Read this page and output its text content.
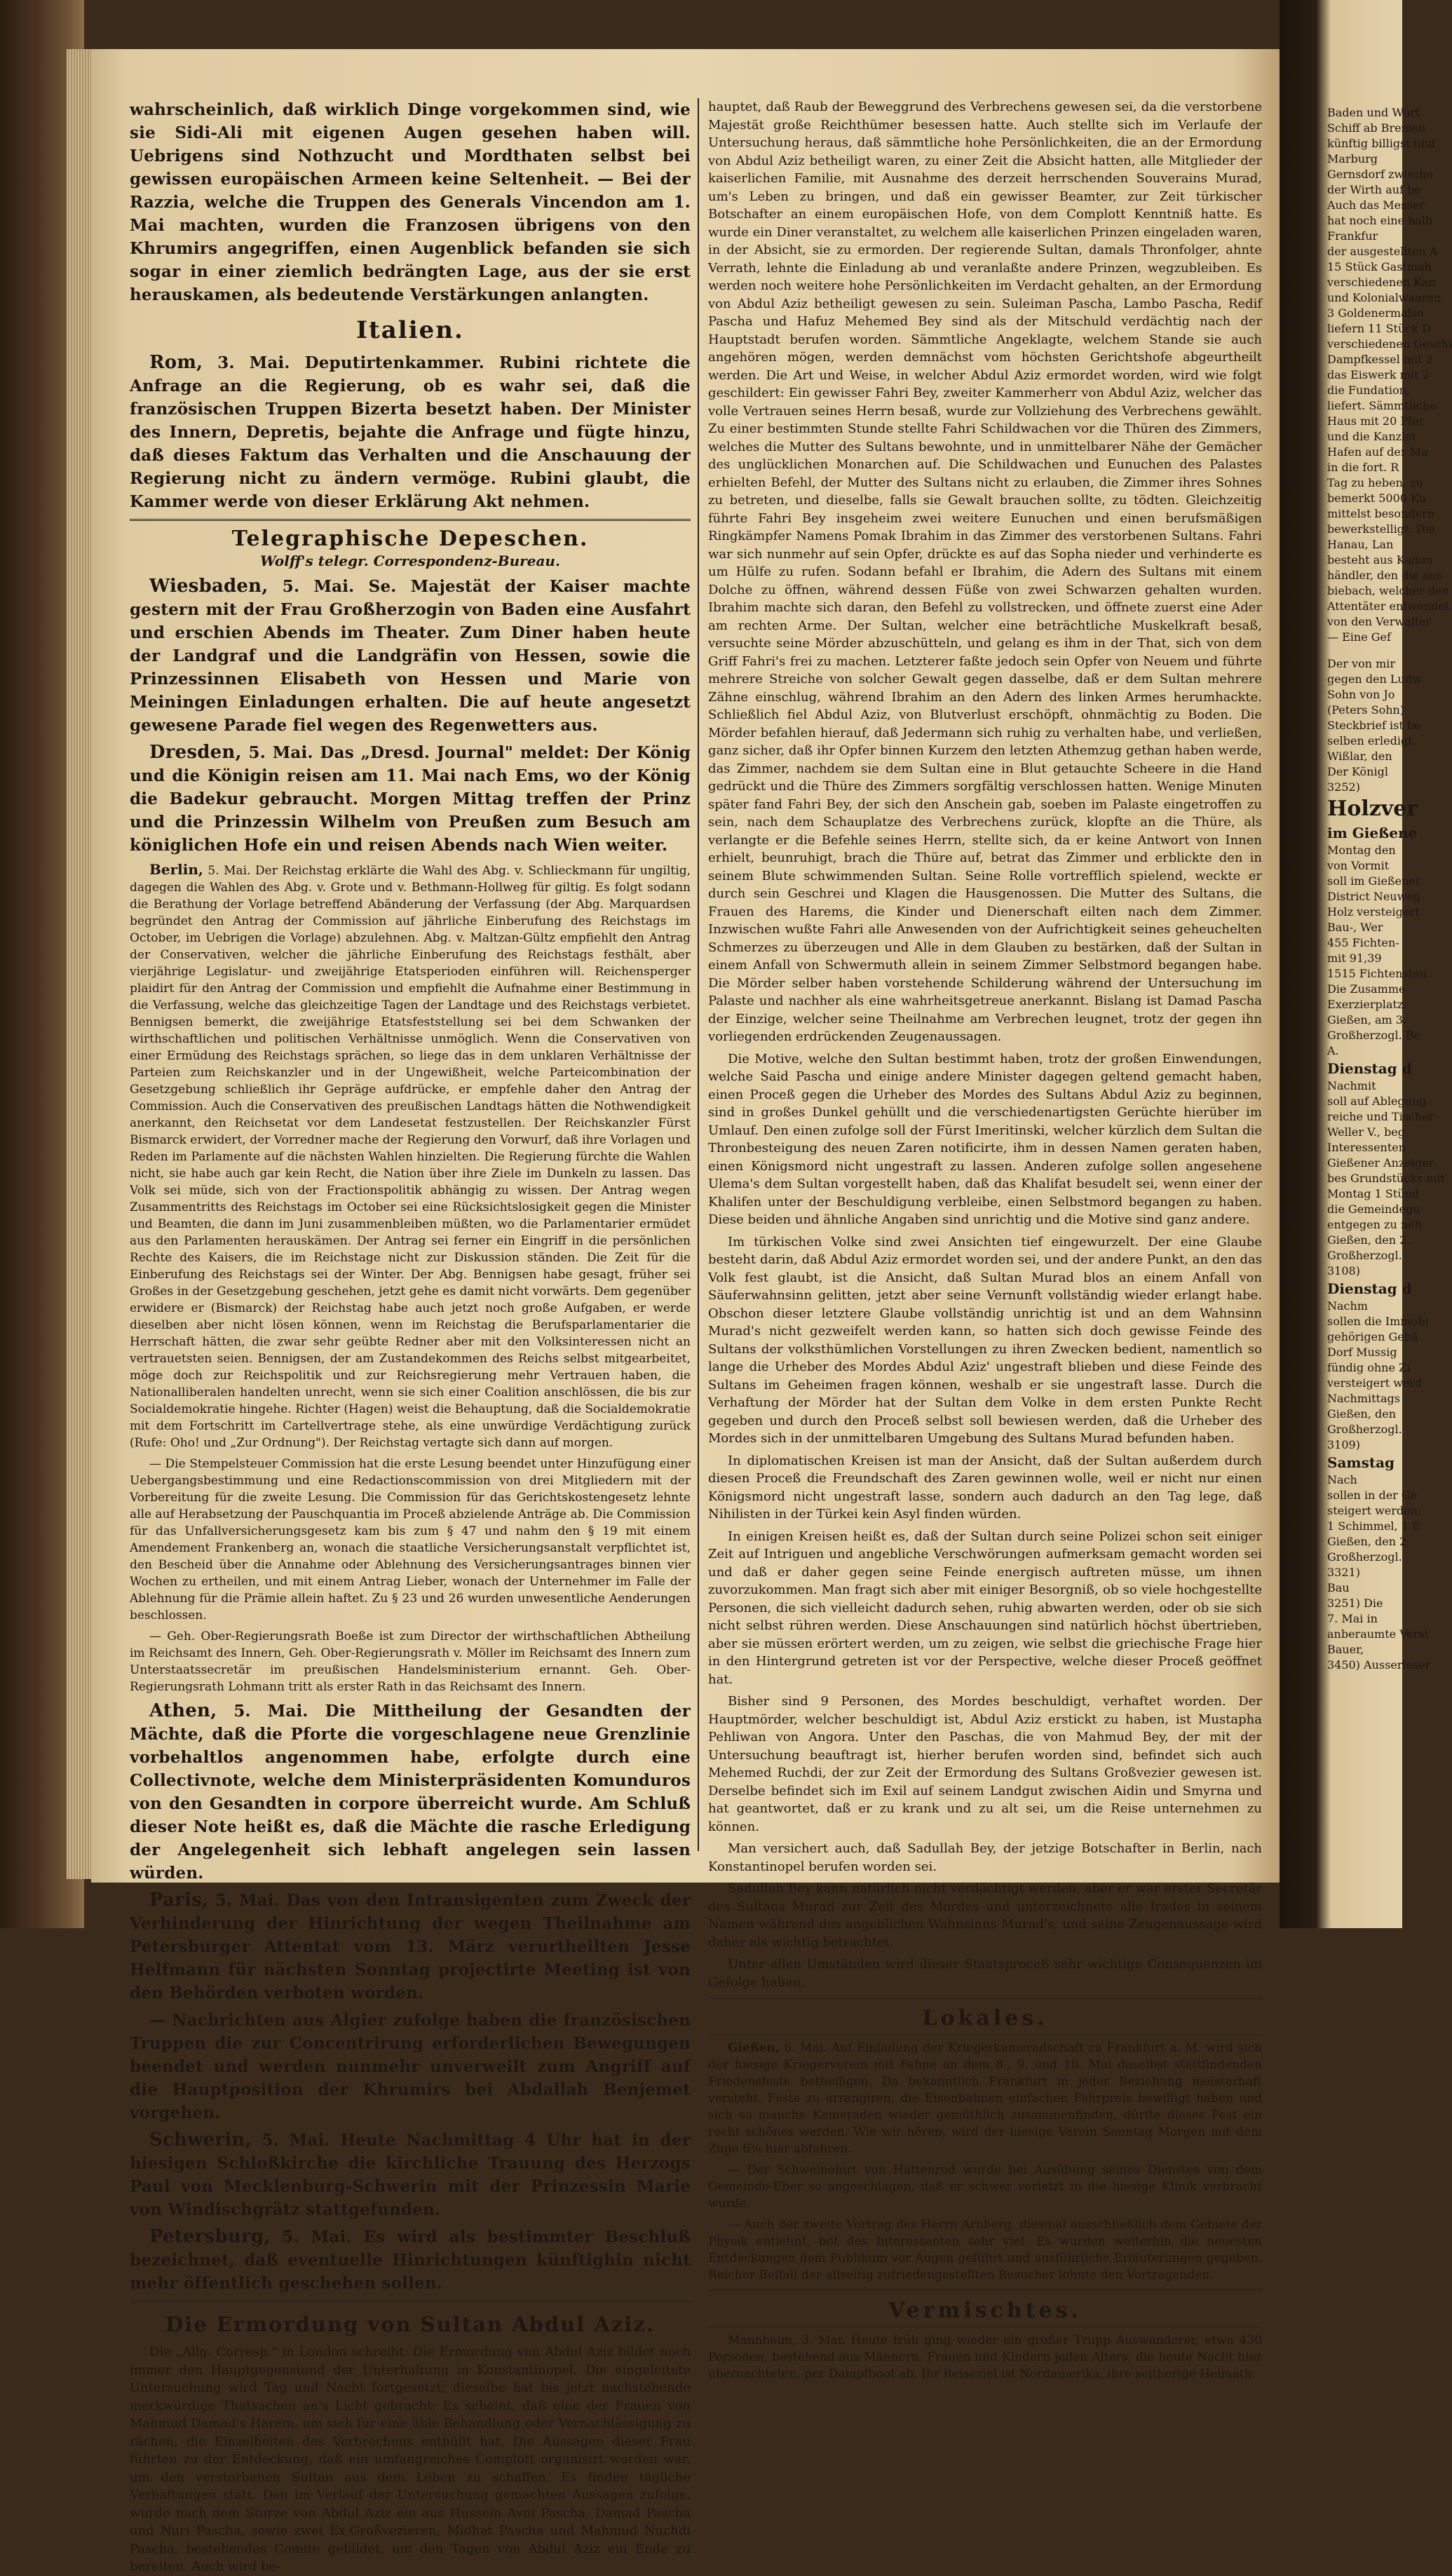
wahrscheinlich, daß wirklich Dinge vorgekommen sind, wie sie Sidi-Ali mit eigenen Augen gesehen haben will. Uebrigens sind Nothzucht und Mordthaten selbst bei gewissen europäischen Armeen keine Seltenheit. — Bei der Razzia, welche die Truppen des Generals Vincendon am 1. Mai machten, wurden die Franzosen übrigens von den Khrumirs angegriffen, einen Augenblick befanden sie sich sogar in einer ziemlich bedrängten Lage, aus der sie erst herauskamen, als bedeutende Verstärkungen anlangten.

Italien.

Rom, 3. Mai. Deputirtenkammer. Rubini richtete die Anfrage an die Regierung, ob es wahr sei, daß die französischen Truppen Bizerta besetzt haben. Der Minister des Innern, Depretis, bejahte die Anfrage und fügte hinzu, daß dieses Faktum das Verhalten und die Anschauung der Regierung nicht zu ändern vermöge. Rubini glaubt, die Kammer werde von dieser Erklärung Akt nehmen.

Telegraphische Depeschen.
Wolff's telegr. Correspondenz-Bureau.

Wiesbaden, 5. Mai. Se. Majestät der Kaiser machte gestern mit der Frau Großherzogin von Baden eine Ausfahrt und erschien Abends im Theater. Zum Diner haben heute der Landgraf und die Landgräfin von Hessen, sowie die Prinzessinnen Elisabeth von Hessen und Marie von Meiningen Einladungen erhalten. Die auf heute angesetzt gewesene Parade fiel wegen des Regenwetters aus.

Dresden, 5. Mai. Das „Dresd. Journal" meldet: Der König und die Königin reisen am 11. Mai nach Ems, wo der König die Badekur gebraucht. Morgen Mittag treffen der Prinz und die Prinzessin Wilhelm von Preußen zum Besuch am königlichen Hofe ein und reisen Abends nach Wien weiter.

Berlin, 5. Mai. Der Reichstag erklärte die Wahl des Abg. v. Schlieckmann für ungiltig, dagegen die Wahlen des Abg. v. Grote und v. Bethmann-Hollweg für giltig. Es folgt sodann die Berathung der Vorlage betreffend Abänderung der Verfassung (der Abg. Marquardsen begründet den Antrag der Commission auf jährliche Einberufung des Reichstags im October, im Uebrigen die Vorlage) abzulehnen. Abg. v. Maltzan-Gültz empfiehlt den Antrag der Conservativen, welcher die jährliche Einberufung des Reichstags festhält, aber vierjährige Legislatur- und zweijährige Etatsperioden einführen will. Reichensperger plaidirt für den Antrag der Commission und empfiehlt die Aufnahme einer Bestimmung in die Verfassung, welche das gleichzeitige Tagen der Landtage und des Reichstags verbietet. Bennigsen bemerkt, die zweijährige Etatsfeststellung sei bei dem Schwanken der wirthschaftlichen und politischen Verhältnisse unmöglich. Wenn die Conservativen von einer Ermüdung des Reichstags sprächen, so liege das in dem unklaren Verhältnisse der Parteien zum Reichskanzler und in der Ungewißheit, welche Parteicombination der Gesetzgebung schließlich ihr Gepräge aufdrücke, er empfehle daher den Antrag der Commission. Auch die Conservativen des preußischen Landtags hätten die Nothwendigkeit anerkannt, den Reichsetat vor dem Landesetat festzustellen. Der Reichskanzler Fürst Bismarck erwidert, der Vorredner mache der Regierung den Vorwurf, daß ihre Vorlagen und Reden im Parlamente auf die nächsten Wahlen hinzielten. Die Regierung fürchte die Wahlen nicht, sie habe auch gar kein Recht, die Nation über ihre Ziele im Dunkeln zu lassen. Das Volk sei müde, sich von der Fractionspolitik abhängig zu wissen. Der Antrag wegen Zusammentritts des Reichstags im October sei eine Rücksichtslosigkeit gegen die Minister und Beamten, die dann im Juni zusammenbleiben müßten, wo die Parlamentarier ermüdet aus den Parlamenten herauskämen. Der Antrag sei ferner ein Eingriff in die persönlichen Rechte des Kaisers, die im Reichstage nicht zur Diskussion ständen. Die Zeit für die Einberufung des Reichstags sei der Winter. Der Abg. Bennigsen habe gesagt, früher sei Großes in der Gesetzgebung geschehen, jetzt gehe es damit nicht vorwärts. Dem gegenüber erwidere er (Bismarck) der Reichstag habe auch jetzt noch große Aufgaben, er werde dieselben aber nicht lösen können, wenn im Reichstag die Berufsparlamentarier die Herrschaft hätten, die zwar sehr geübte Redner aber mit den Volksinteressen nicht an vertrauetsten seien. Bennigsen, der am Zustandekommen des Reichs selbst mitgearbeitet, möge doch zur Reichspolitik und zur Reichsregierung mehr Vertrauen haben, die Nationalliberalen handelten unrecht, wenn sie sich einer Coalition anschlössen, die bis zur Socialdemokratie hingehe. Richter (Hagen) weist die Behauptung, daß die Socialdemokratie mit dem Fortschritt im Cartellvertrage stehe, als eine unwürdige Verdächtigung zurück (Rufe: Oho! und „Zur Ordnung"). Der Reichstag vertagte sich dann auf morgen.

— Die Stempelsteuer Commission hat die erste Lesung beendet unter Hinzufügung einer Uebergangsbestimmung und eine Redactionscommission von drei Mitgliedern mit der Vorbereitung für die zweite Lesung. Die Commission für das Gerichtskostengesetz lehnte alle auf Herabsetzung der Pauschquantia im Proceß abzielende Anträge ab. Die Commission für das Unfallversicherungsgesetz kam bis zum § 47 und nahm den § 19 mit einem Amendement Frankenberg an, wonach die staatliche Versicherungsanstalt verpflichtet ist, den Bescheid über die Annahme oder Ablehnung des Versicherungsantrages binnen vier Wochen zu ertheilen, und mit einem Antrag Lieber, wonach der Unternehmer im Falle der Ablehnung für die Prämie allein haftet. Zu § 23 und 26 wurden unwesentliche Aenderungen beschlossen.

— Geh. Ober-Regierungsrath Boeße ist zum Director der wirthschaftlichen Abtheilung im Reichsamt des Innern, Geh. Ober-Regierungsrath v. Möller im Reichsamt des Innern zum Unterstaatssecretär im preußischen Handelsministerium ernannt. Geh. Ober-Regierungsrath Lohmann tritt als erster Rath in das Reichsamt des Innern.

Athen, 5. Mai. Die Mittheilung der Gesandten der Mächte, daß die Pforte die vorgeschlagene neue Grenzlinie vorbehaltlos angenommen habe, erfolgte durch eine Collectivnote, welche dem Ministerpräsidenten Komunduros von den Gesandten in corpore überreicht wurde. Am Schluß dieser Note heißt es, daß die Mächte die rasche Erledigung der Angelegenheit sich lebhaft angelegen sein lassen würden.

Paris, 5. Mai. Das von den Intransigenten zum Zweck der Verhinderung der Hinrichtung der wegen Theilnahme am Petersburger Attentat vom 13. März verurtheilten Jesse Helfmann für nächsten Sonntag projectirte Meeting ist von den Behörden verboten worden.

— Nachrichten aus Algier zufolge haben die französischen Truppen die zur Concentrirung erforderlichen Bewegungen beendet und werden nunmehr unverweilt zum Angriff auf die Hauptposition der Khrumirs bei Abdallah Benjemet vorgehen.

Schwerin, 5. Mai. Heute Nachmittag 4 Uhr hat in der hiesigen Schloßkirche die kirchliche Trauung des Herzogs Paul von Mecklenburg-Schwerin mit der Prinzessin Marie von Windischgrätz stattgefunden.

Petersburg, 5. Mai. Es wird als bestimmter Beschluß bezeichnet, daß eventuelle Hinrichtungen künftighin nicht mehr öffentlich geschehen sollen.

Die Ermordung von Sultan Abdul Aziz.

Die „Allg. Corresp." in London schreibt: Die Ermordung von Abdul Aziz bildet noch immer den Hauptgegenstand der Unterhaltung in Konstantinopel. Die eingeleitete Untersuchung wird Tag und Nacht fortgesetzt; dieselbe hat bis jetzt nachstehende merkwürdige Thatsachen an's Licht gebracht: Es scheint, daß eine der Frauen von Mahmud Damad's Harem, um sich für eine üble Behandlung oder Vernachlässigung zu rächen, die Einzelheiten des Verbrechens enthüllt hat. Die Aussagen dieser Frau führten zu der Entdeckung, daß ein umfangreiches Complott organisirt worden war, um den verstorbenen Sultan aus dem Leben zu schaffen. Es finden tägliche Verhaftungen statt. Den im Verlauf der Untersuchung gemachten Aussagen zufolge, wurde nach dem Sturze von Abdul Aziz ein aus Hussein Avni Pascha, Damad Pascha und Nuri Pascha, sowie zwei Ex-Großvezieren, Midhat Pascha und Mahmud Nuchdi Pascha, bestehendes Comite gebildet, um den Tagen von Abdul Aziz ein Ende zu bereiten. Auch wird be-

hauptet, daß Raub der Beweggrund des Verbrechens gewesen sei, da die verstorbene Majestät große Reichthümer besessen hatte. Auch stellte sich im Verlaufe der Untersuchung heraus, daß sämmtliche hohe Persönlichkeiten, die an der Ermordung von Abdul Aziz betheiligt waren, zu einer Zeit die Absicht hatten, alle Mitglieder der kaiserlichen Familie, mit Ausnahme des derzeit herrschenden Souverains Murad, um's Leben zu bringen, und daß ein gewisser Beamter, zur Zeit türkischer Botschafter an einem europäischen Hofe, von dem Complott Kenntniß hatte. Es wurde ein Diner veranstaltet, zu welchem alle kaiserlichen Prinzen eingeladen waren, in der Absicht, sie zu ermorden. Der regierende Sultan, damals Thronfolger, ahnte Verrath, lehnte die Einladung ab und veranlaßte andere Prinzen, wegzubleiben. Es werden noch weitere hohe Persönlichkeiten im Verdacht gehalten, an der Ermordung von Abdul Aziz betheiligt gewesen zu sein. Suleiman Pascha, Lambo Pascha, Redif Pascha und Hafuz Mehemed Bey sind als der Mitschuld verdächtig nach der Hauptstadt berufen worden. Sämmtliche Angeklagte, welchem Stande sie auch angehören mögen, werden demnächst vom höchsten Gerichtshofe abgeurtheilt werden. Die Art und Weise, in welcher Abdul Aziz ermordet worden, wird wie folgt geschildert: Ein gewisser Fahri Bey, zweiter Kammerherr von Abdul Aziz, welcher das volle Vertrauen seines Herrn besaß, wurde zur Vollziehung des Verbrechens gewählt. Zu einer bestimmten Stunde stellte Fahri Schildwachen vor die Thüren des Zimmers, welches die Mutter des Sultans bewohnte, und in unmittelbarer Nähe der Gemächer des unglücklichen Monarchen auf. Die Schildwachen und Eunuchen des Palastes erhielten Befehl, der Mutter des Sultans nicht zu erlauben, die Zimmer ihres Sohnes zu betreten, und dieselbe, falls sie Gewalt brauchen sollte, zu tödten. Gleichzeitig führte Fahri Bey insgeheim zwei weitere Eunuchen und einen berufsmäßigen Ringkämpfer Namens Pomak Ibrahim in das Zimmer des verstorbenen Sultans. Fahri war sich nunmehr auf sein Opfer, drückte es auf das Sopha nieder und verhinderte es um Hülfe zu rufen. Sodann befahl er Ibrahim, die Adern des Sultans mit einem Dolche zu öffnen, während dessen Füße von zwei Schwarzen gehalten wurden. Ibrahim machte sich daran, den Befehl zu vollstrecken, und öffnete zuerst eine Ader am rechten Arme. Der Sultan, welcher eine beträchtliche Muskelkraft besaß, versuchte seine Mörder abzuschütteln, und gelang es ihm in der That, sich von dem Griff Fahri's frei zu machen. Letzterer faßte jedoch sein Opfer von Neuem und führte mehrere Streiche von solcher Gewalt gegen dasselbe, daß er dem Sultan mehrere Zähne einschlug, während Ibrahim an den Adern des linken Armes herumhackte. Schließlich fiel Abdul Aziz, von Blutverlust erschöpft, ohnmächtig zu Boden. Die Mörder befahlen hierauf, daß Jedermann sich ruhig zu verhalten habe, und verließen, ganz sicher, daß ihr Opfer binnen Kurzem den letzten Athemzug gethan haben werde, das Zimmer, nachdem sie dem Sultan eine in Blut getauchte Scheere in die Hand gedrückt und die Thüre des Zimmers sorgfältig verschlossen hatten. Wenige Minuten später fand Fahri Bey, der sich den Anschein gab, soeben im Palaste eingetroffen zu sein, nach dem Schauplatze des Verbrechens zurück, klopfte an die Thüre, als verlangte er die Befehle seines Herrn, stellte sich, da er keine Antwort von Innen erhielt, beunruhigt, brach die Thüre auf, betrat das Zimmer und erblickte den in seinem Blute schwimmenden Sultan. Seine Rolle vortrefflich spielend, weckte er durch sein Geschrei und Klagen die Hausgenossen. Die Mutter des Sultans, die Frauen des Harems, die Kinder und Dienerschaft eilten nach dem Zimmer. Inzwischen wußte Fahri alle Anwesenden von der Aufrichtigkeit seines geheuchelten Schmerzes zu überzeugen und Alle in dem Glauben zu bestärken, daß der Sultan in einem Anfall von Schwermuth allein in seinem Zimmer Selbstmord begangen habe. Die Mörder selber haben vorstehende Schilderung während der Untersuchung im Palaste und nachher als eine wahrheitsgetreue anerkannt. Bislang ist Damad Pascha der Einzige, welcher seine Theilnahme am Verbrechen leugnet, trotz der gegen ihn vorliegenden erdrückenden Zeugenaussagen.

Die Motive, welche den Sultan bestimmt haben, trotz der großen Einwendungen, welche Said Pascha und einige andere Minister dagegen geltend gemacht haben, einen Proceß gegen die Urheber des Mordes des Sultans Abdul Aziz zu beginnen, sind in großes Dunkel gehüllt und die verschiedenartigsten Gerüchte hierüber im Umlauf. Den einen zufolge soll der Fürst Imeritinski, welcher kürzlich dem Sultan die Thronbesteigung des neuen Zaren notificirte, ihm in dessen Namen geraten haben, einen Königsmord nicht ungestraft zu lassen. Anderen zufolge sollen angesehene Ulema's dem Sultan vorgestellt haben, daß das Khalifat besudelt sei, wenn einer der Khalifen unter der Beschuldigung verbleibe, einen Selbstmord begangen zu haben. Diese beiden und ähnliche Angaben sind unrichtig und die Motive sind ganz andere.

Im türkischen Volke sind zwei Ansichten tief eingewurzelt. Der eine Glaube besteht darin, daß Abdul Aziz ermordet worden sei, und der andere Punkt, an den das Volk fest glaubt, ist die Ansicht, daß Sultan Murad blos an einem Anfall von Säuferwahnsinn gelitten, jetzt aber seine Vernunft vollständig wieder erlangt habe. Obschon dieser letztere Glaube vollständig unrichtig ist und an dem Wahnsinn Murad's nicht gezweifelt werden kann, so hatten sich doch gewisse Feinde des Sultans der volksthümlichen Vorstellungen zu ihren Zwecken bedient, namentlich so lange die Urheber des Mordes Abdul Aziz' ungestraft blieben und diese Feinde des Sultans im Geheimen fragen können, weshalb er sie ungestraft lasse. Durch die Verhaftung der Mörder hat der Sultan dem Volke in dem ersten Punkte Recht gegeben und durch den Proceß selbst soll bewiesen werden, daß die Urheber des Mordes sich in der unmittelbaren Umgebung des Sultans Murad befunden haben.

In diplomatischen Kreisen ist man der Ansicht, daß der Sultan außerdem durch diesen Proceß die Freundschaft des Zaren gewinnen wolle, weil er nicht nur einen Königsmord nicht ungestraft lasse, sondern auch dadurch an den Tag lege, daß Nihilisten in der Türkei kein Asyl finden würden.

In einigen Kreisen heißt es, daß der Sultan durch seine Polizei schon seit einiger Zeit auf Intriguen und angebliche Verschwörungen aufmerksam gemacht worden sei und daß er daher gegen seine Feinde energisch auftreten müsse, um ihnen zuvorzukommen. Man fragt sich aber mit einiger Besorgniß, ob so viele hochgestellte Personen, die sich vielleicht dadurch sehen, ruhig abwarten werden, oder ob sie sich nicht selbst rühren werden. Diese Anschauungen sind natürlich höchst übertrieben, aber sie müssen erörtert werden, um zu zeigen, wie selbst die griechische Frage hier in den Hintergrund getreten ist vor der Perspective, welche dieser Proceß geöffnet hat.

Bisher sind 9 Personen, des Mordes beschuldigt, verhaftet worden. Der Hauptmörder, welcher beschuldigt ist, Abdul Aziz erstickt zu haben, ist Mustapha Pehliwan von Angora. Unter den Paschas, die von Mahmud Bey, der mit der Untersuchung beauftragt ist, hierher berufen worden sind, befindet sich auch Mehemed Ruchdi, der zur Zeit der Ermordung des Sultans Großvezier gewesen ist. Derselbe befindet sich im Exil auf seinem Landgut zwischen Aidin und Smyrna und hat geantwortet, daß er zu krank und zu alt sei, um die Reise unternehmen zu können.

Man versichert auch, daß Sadullah Bey, der jetzige Botschafter in Berlin, nach Konstantinopel berufen worden sei.

Sadullah Bey kann natürlich nicht verdächtigt werden, aber er war erster Secretär des Sultans Murad zur Zeit des Mordes und unterzeichnete alle Irades in seinem Namen während des angeblichen Wahnsinns Murad's, und seine Zeugenaussage wird daher als wichtig betrachtet.

Unter allen Umständen wird dieser Staatsproceß sehr wichtige Consequenzen im Gefolge haben.

Lokales.

Gießen, 6. Mai. Auf Einladung der Kriegerkameradschaft zu Frankfurt a. M. wird sich der hiesige Kriegerverein mit Fahne an dem 8., 9. und 10. Mai daselbst stattfindenden Friedensfeste betheiligen. Da bekanntlich Frankfurt in jeder Beziehung meisterhaft versteht, Feste zu arrangiren, die Eisenbahnen einfachen Fahrpreis bewilligt haben und sich so manche Kameraden wieder gemüthlich zusammenfinden, dürfte dieses Fest ein recht schönes werden. Wie wir hören, wird der hiesige Verein Sonntag Morgen mit dem Zuge 6¾ hier abfahren.

— Der Schweinehirt von Hattenrod wurde bei Ausübung seines Dienstes von dem Gemeinde-Eber so angeschlagen, daß er schwer verletzt in die hiesige Klinik verbracht wurde.

— Auch der zweite Vortrag des Herrn Arnberg, diesmal ausschließlich dem Gebiete der Physik entlehnt, bot des Interessanten sehr viel. Es wurden weiterhin die neuesten Entdeckungen dem Publikum vor Augen geführt und ausführliche Erläuterungen gegeben. Reicher Beifall der allseitig zufriedengestellten Besucher lohnte den Vortragenden.

Vermischtes.

Mannheim, 3. Mai. Heute früh ging wieder ein großer Trupp Auswanderer, etwa 430 Personen, bestehend aus Männern, Frauen und Kindern jeden Alters, die heute Nacht hier übernachteten, per Dampfboot ab. Ihr Reiseziel ist Nordamerika, ihre seitherige Heimath

Baden und Würt
Schiff ab Bremen
künftig billigst und
Marburg
Gernsdorf zwische
der Wirth auf be
Auch das Messer
hat noch eine halb
Frankfur
der ausgestellten A
15 Stück Gastmah
verschiedenen Kan
und Kolonialwaaren
3 Goldenermalso
liefern 11 Stück D
verschiedenen Geschi
Dampfkessel mit 2
das Eiswerk mit 2
die Fundation,
liefert. Sämmtliche
Haus mit 20 Pfer
und die Kanzlei
Hafen auf der Ma
in die fort. R
Tag zu heben, zu
bemerkt 5000 Ku
mittelst besondern
bewerkstelligt. Die
Hanau, Lan
besteht aus Kamm
händler, den die aus
biebach, welcher den
Attentäter entwendet
von den Verwalter
— Eine Gef
Der von mir
gegen den Ludw
Sohn von Jo
(Peters Sohn)
Steckbrief ist be
selben erledigt.
Wißlar, den
Der Königl
3252)
Holzver
im Gießene
Montag den
von Vormit
soll im Gießener
District Neuweg
Holz versteigert
Bau-, Wer
455 Fichten-
mit 91,39
1515 Fichtenstan
Die Zusamme
Exerzierplatz.
Gießen, am 3.
Großherzogl. Be
A.
Dienstag d
Nachmit
soll auf Ablegung
reiche und Tischer
Weller V., beg
Interessenten
Gießener Anzeiger
bes Grundstücks mit
Montag 1 Stünd
die Gemeindegu
entgegen zu neh
Gießen, den 2.
Großherzogl.
3108)
Dienstag d
Nachm
sollen die Immobi
gehörigen Gebä
Dorf Mussig
fündig ohne Zi
versteigert werd
Nachmittags
Gießen, den
Großherzogl.
3109)
Samstag
Nach
sollen in der Ge
steigert werden:
1 Schimmel, 1 E
Gießen, den 2
Großherzogl.
3321)
Bau
3251) Die
7. Mai in
anberaumte Verst
Bauer,
3450) Ausserleser
